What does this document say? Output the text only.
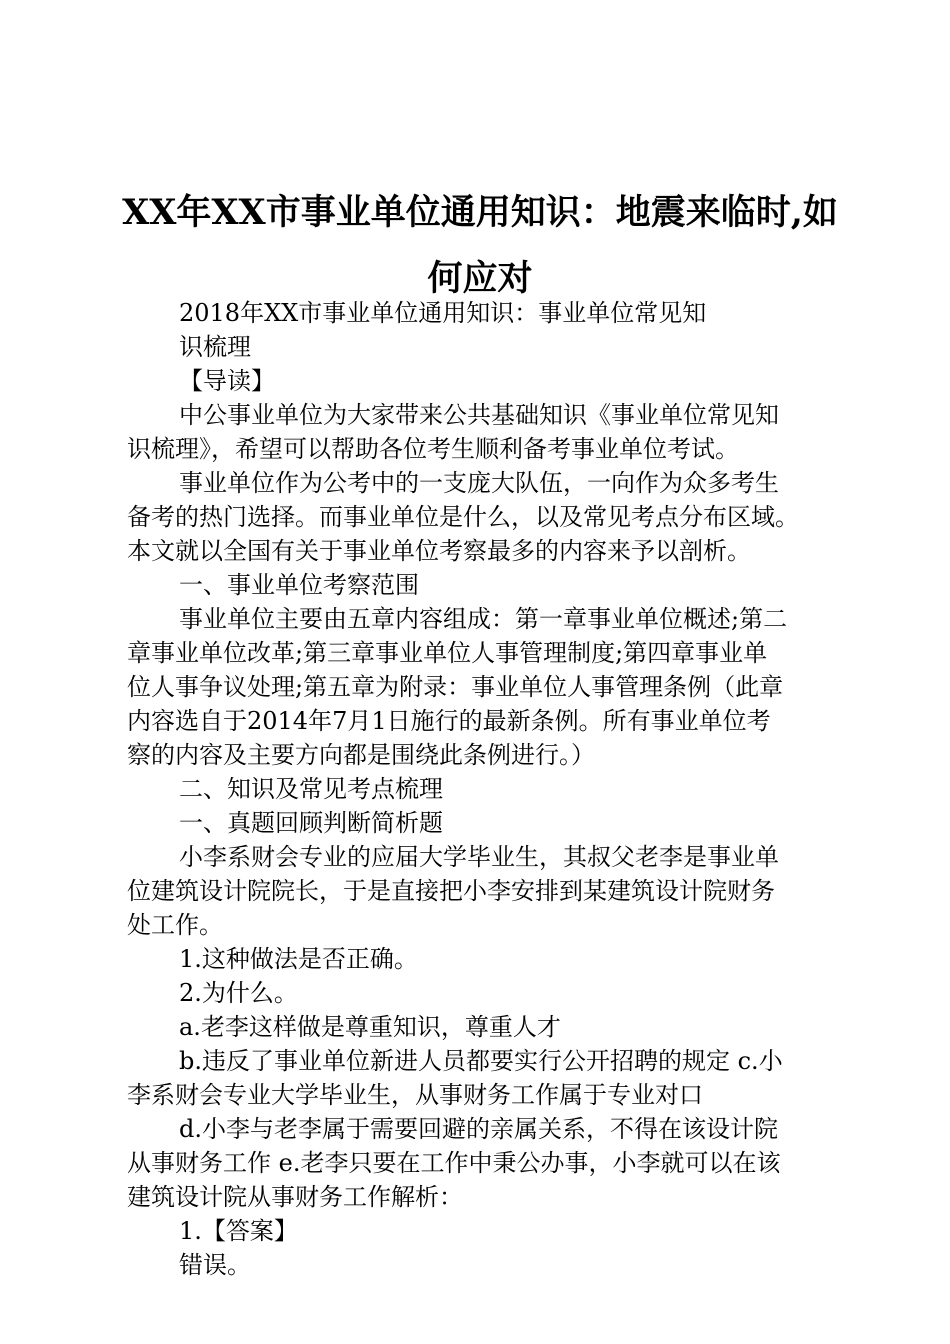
XX年XX市事业单位通用知识：地震来临时,如
何应对
2018年XX市事业单位通用知识：事业单位常见知
识梳理
【导读】
中公事业单位为大家带来公共基础知识《事业单位常见知
识梳理》，希望可以帮助各位考生顺利备考事业单位考试。
事业单位作为公考中的一支庞大队伍，一向作为众多考生
备考的热门选择。而事业单位是什么，以及常见考点分布区域。
本文就以全国有关于事业单位考察最多的内容来予以剖析。
一、事业单位考察范围
事业单位主要由五章内容组成：第一章事业单位概述;第二
章事业单位改革;第三章事业单位人事管理制度;第四章事业单
位人事争议处理;第五章为附录：事业单位人事管理条例（此章
内容选自于2014年7月1日施行的最新条例。所有事业单位考
察的内容及主要方向都是围绕此条例进行。）
二、知识及常见考点梳理
一、真题回顾判断简析题
小李系财会专业的应届大学毕业生，其叔父老李是事业单
位建筑设计院院长，于是直接把小李安排到某建筑设计院财务
处工作。
1.这种做法是否正确。
2.为什么。
a.老李这样做是尊重知识，尊重人才
b.违反了事业单位新进人员都要实行公开招聘的规定 c.小
李系财会专业大学毕业生，从事财务工作属于专业对口
d.小李与老李属于需要回避的亲属关系，不得在该设计院
从事财务工作 e.老李只要在工作中秉公办事，小李就可以在该
建筑设计院从事财务工作解析：
1.【答案】
错误。
